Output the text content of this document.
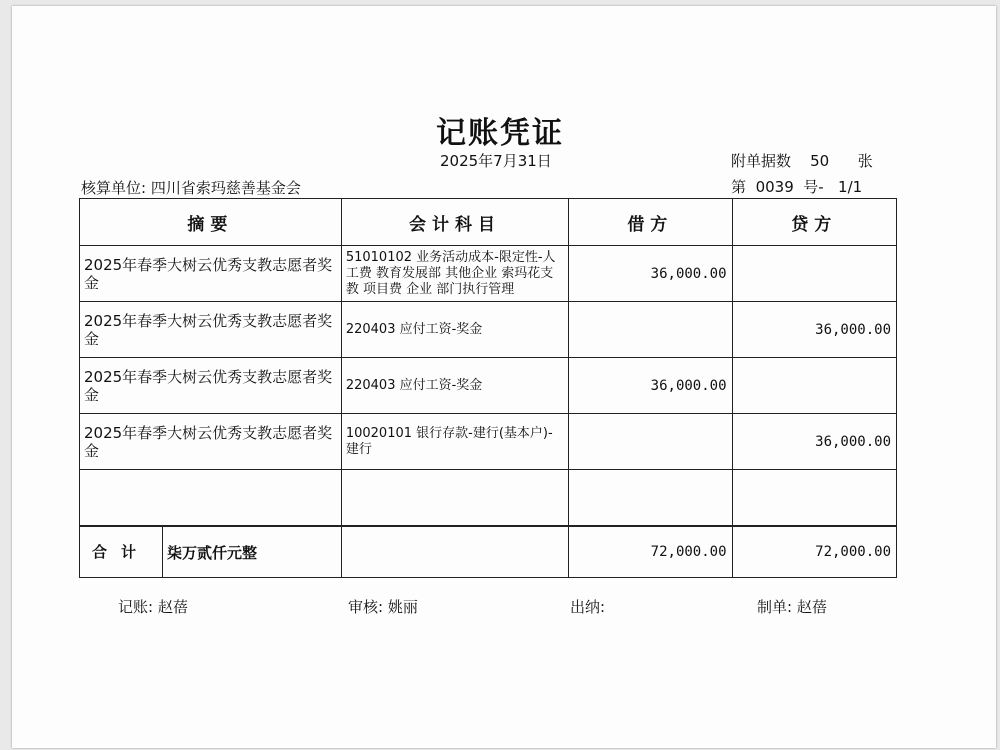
记账凭证
2025年7月31日	附单据数 50 张
核算单位: 四川省索玛慈善基金会	第 0039 号- 1/1
摘要	会计科目	借方	贷方
2025年春季大树云优秀支教志愿者奖金	51010102 业务活动成本-限定性-人工费 教育发展部 其他企业 索玛花支教 项目费 企业 部门执行管理	36,000.00	
2025年春季大树云优秀支教志愿者奖金	220403 应付工资-奖金		36,000.00
2025年春季大树云优秀支教志愿者奖金	220403 应付工资-奖金	36,000.00	
2025年春季大树云优秀支教志愿者奖金	10020101 银行存款-建行(基本户)-建行		36,000.00

合计 柒万贰仟元整		72,000.00	72,000.00
记账: 赵蓓	审核: 姚丽	出纳:	制单: 赵蓓
